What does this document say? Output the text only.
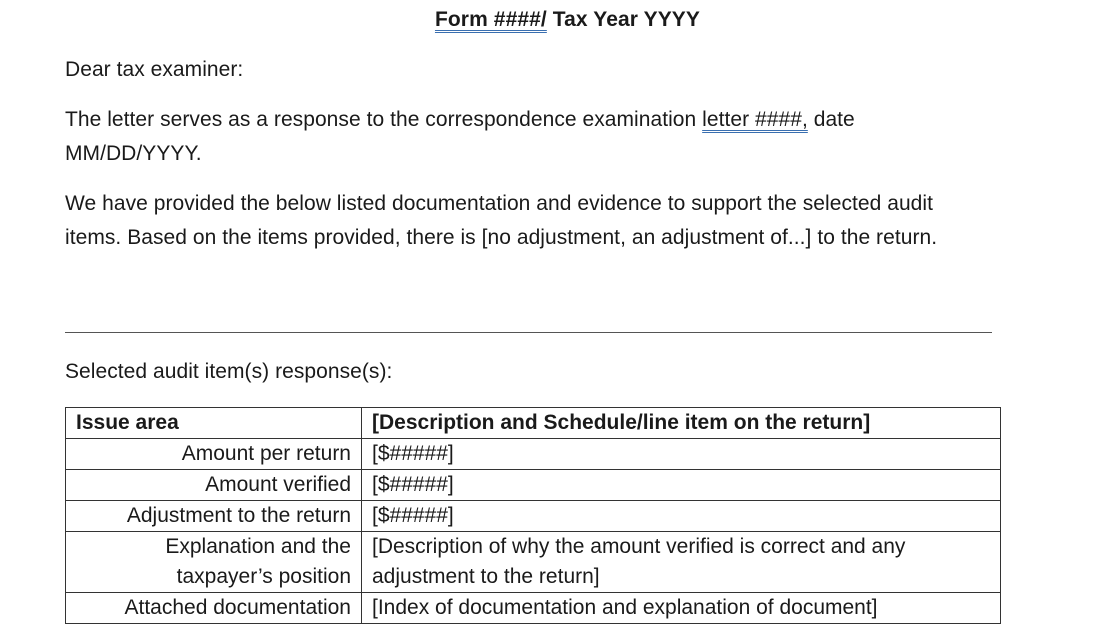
Form ####/ Tax Year YYYY

Dear tax examiner:

The letter serves as a response to the correspondence examination letter ####, date MM/DD/YYYY.

We have provided the below listed documentation and evidence to support the selected audit items. Based on the items provided, there is [no adjustment, an adjustment of...] to the return.

Selected audit item(s) response(s):

Issue area	[Description and Schedule/line item on the return]
Amount per return	[$#####]
Amount verified	[$#####]
Adjustment to the return	[$#####]
Explanation and the taxpayer’s position	[Description of why the amount verified is correct and any adjustment to the return]
Attached documentation	[Index of documentation and explanation of document]
